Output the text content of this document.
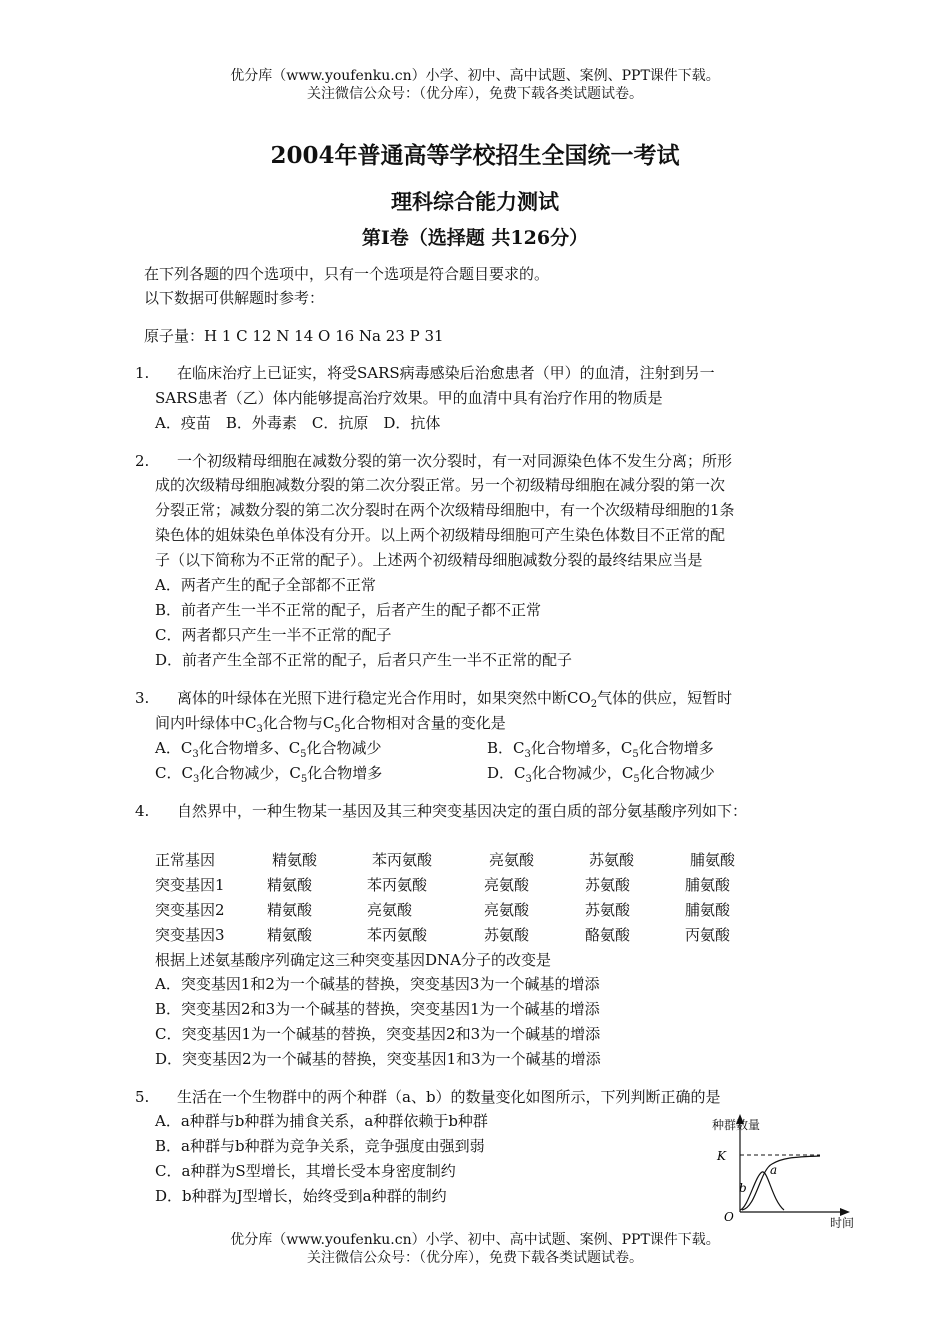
优分库（www.youfenku.cn）小学、初中、高中试题、案例、PPT课件下载。
关注微信公众号：（优分库），免费下载各类试题试卷。
2004年普通高等学校招生全国统一考试
理科综合能力测试
第I卷（选择题 共126分）
在下列各题的四个选项中，只有一个选项是符合题目要求的。
以下数据可供解题时参考：
原子量：H 1 C 12 N 14 O 16 Na 23 P 31
1. 在临床治疗上已证实，将受SARS病毒感染后治愈患者（甲）的血清，注射到另一
SARS患者（乙）体内能够提高治疗效果。甲的血清中具有治疗作用的物质是
A．疫苗　B．外毒素　C．抗原　D．抗体
2. 一个初级精母细胞在减数分裂的第一次分裂时，有一对同源染色体不发生分离；所形
成的次级精母细胞减数分裂的第二次分裂正常。另一个初级精母细胞在减分裂的第一次
分裂正常；减数分裂的第二次分裂时在两个次级精母细胞中，有一个次级精母细胞的1条
染色体的姐妹染色单体没有分开。以上两个初级精母细胞可产生染色体数目不正常的配
子（以下简称为不正常的配子）。上述两个初级精母细胞减数分裂的最终结果应当是
A．两者产生的配子全部都不正常
B．前者产生一半不正常的配子，后者产生的配子都不正常
C．两者都只产生一半不正常的配子
D．前者产生全部不正常的配子，后者只产生一半不正常的配子
3. 离体的叶绿体在光照下进行稳定光合作用时，如果突然中断$CO_2$气体的供应，短暂时
间内叶绿体中$C_3$化合物与$C_5$化合物相对含量的变化是
A．$C_3$化合物增多、$C_5$化合物减少	B．$C_3$化合物增多，$C_5$化合物增多
C．$C_3$化合物减少，$C_5$化合物增多	D．$C_3$化合物减少，$C_5$化合物减少
4. 自然界中，一种生物某一基因及其三种突变基因决定的蛋白质的部分氨基酸序列如下：
正常基因	精氨酸	苯丙氨酸	亮氨酸	苏氨酸	脯氨酸
突变基因1	精氨酸	苯丙氨酸	亮氨酸	苏氨酸	脯氨酸
突变基因2	精氨酸	亮氨酸	亮氨酸	苏氨酸	脯氨酸
突变基因3	精氨酸	苯丙氨酸	苏氨酸	酪氨酸	丙氨酸
根据上述氨基酸序列确定这三种突变基因DNA分子的改变是
A．突变基因1和2为一个碱基的替换，突变基因3为一个碱基的增添
B．突变基因2和3为一个碱基的替换，突变基因1为一个碱基的增添
C．突变基因1为一个碱基的替换，突变基因2和3为一个碱基的增添
D．突变基因2为一个碱基的替换，突变基因1和3为一个碱基的增添
5. 生活在一个生物群中的两个种群（a、b）的数量变化如图所示，下列判断正确的是
A．a种群与b种群为捕食关系，a种群依赖于b种群
B．a种群与b种群为竞争关系，竞争强度由强到弱
C．a种群为S型增长，其增长受本身密度制约
D．b种群为J型增长，始终受到a种群的制约
a
b
K
O
种群数量
时间
优分库（www.youfenku.cn）小学、初中、高中试题、案例、PPT课件下载。
关注微信公众号：（优分库），免费下载各类试题试卷。
